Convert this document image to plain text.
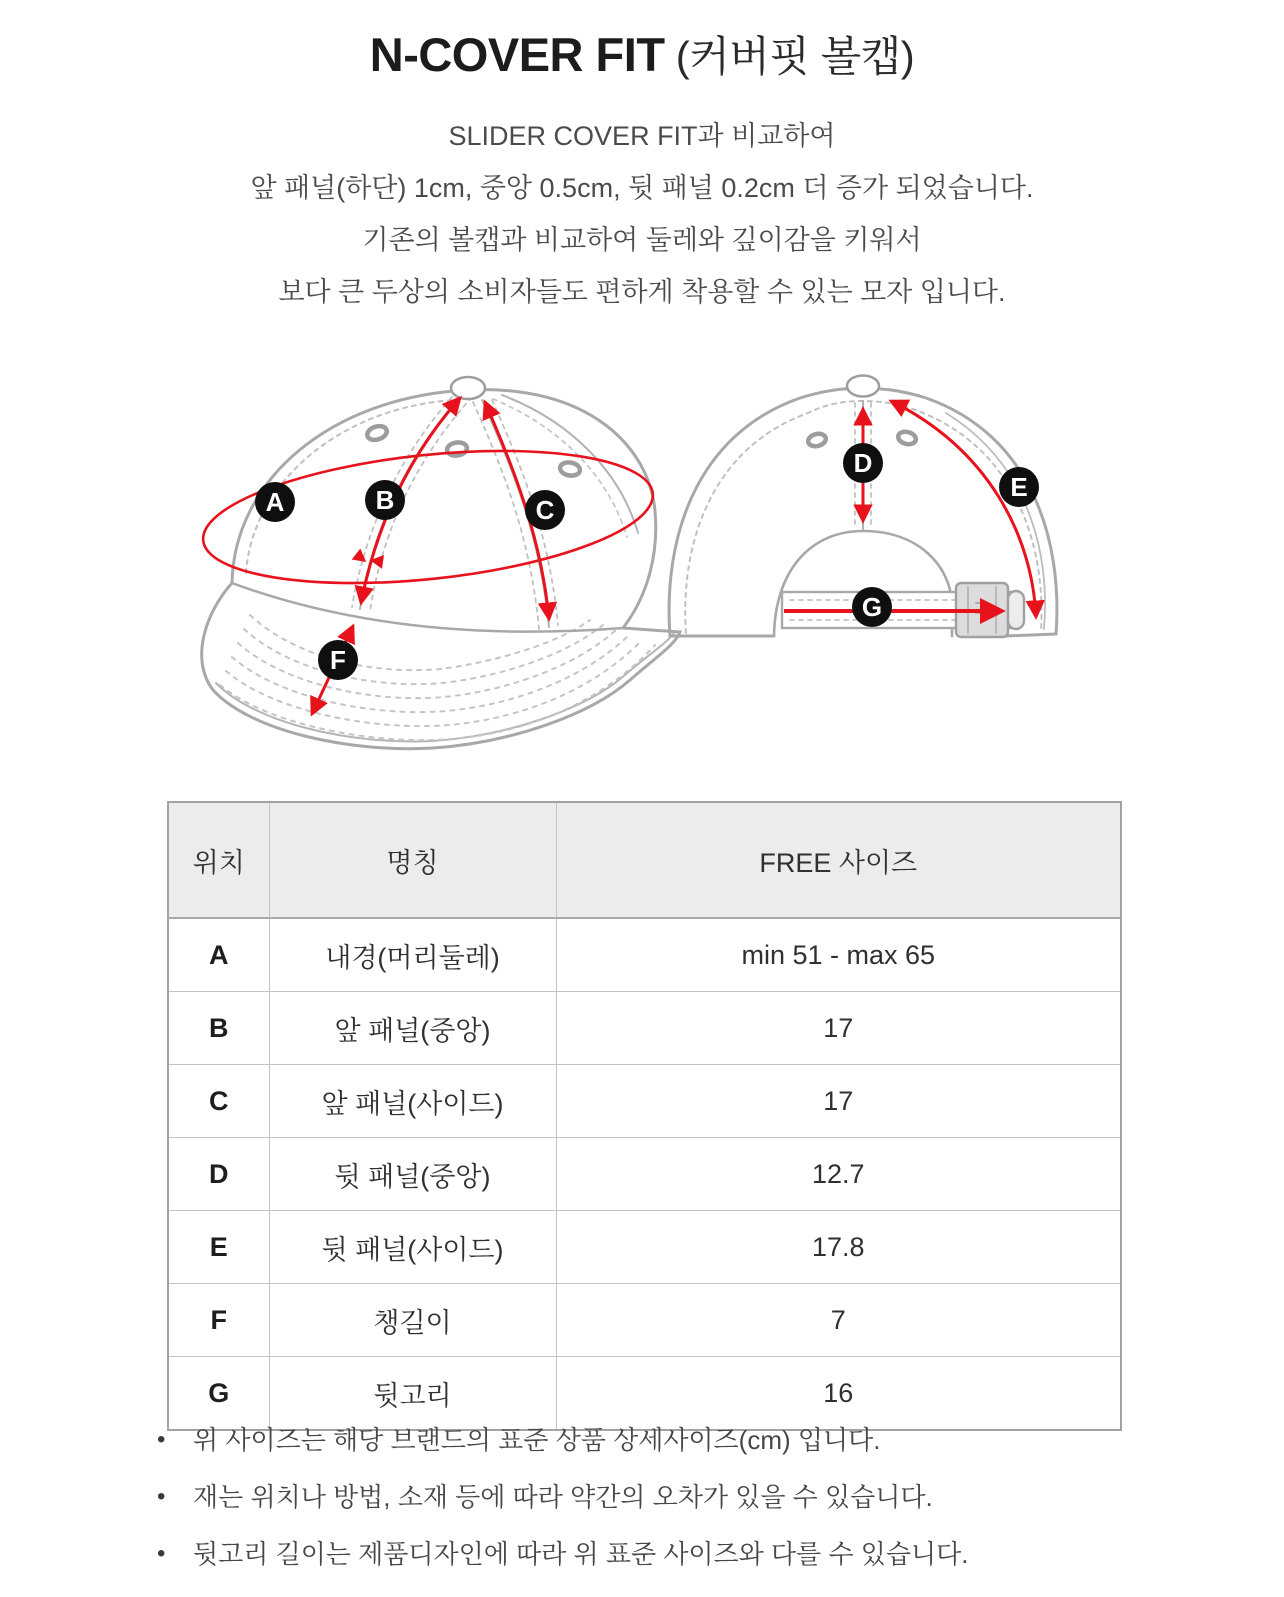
N-COVER FIT (커버핏 볼캡)
SLIDER COVER FIT과 비교하여
앞 패널(하단) 1cm, 중앙 0.5cm, 뒷 패널 0.2cm 더 증가 되었습니다.
기존의 볼캡과 비교하여 둘레와 깊이감을 키워서
보다 큰 두상의 소비자들도 편하게 착용할 수 있는 모자 입니다.
A	B	C
F
D
E
G
위치	명칭	FREE 사이즈
A	내경(머리둘레)	min 51 - max 65
B	앞 패널(중앙)	17
C	앞 패널(사이드)	17
D	뒷 패널(중앙)	12.7
E	뒷 패널(사이드)	17.8
F	챙길이	7
G	뒷고리	16
•	위 사이즈는 해당 브랜드의 표준 상품 상세사이즈(cm) 입니다.
•	재는 위치나 방법, 소재 등에 따라 약간의 오차가 있을 수 있습니다.
•	뒷고리 길이는 제품디자인에 따라 위 표준 사이즈와 다를 수 있습니다.
